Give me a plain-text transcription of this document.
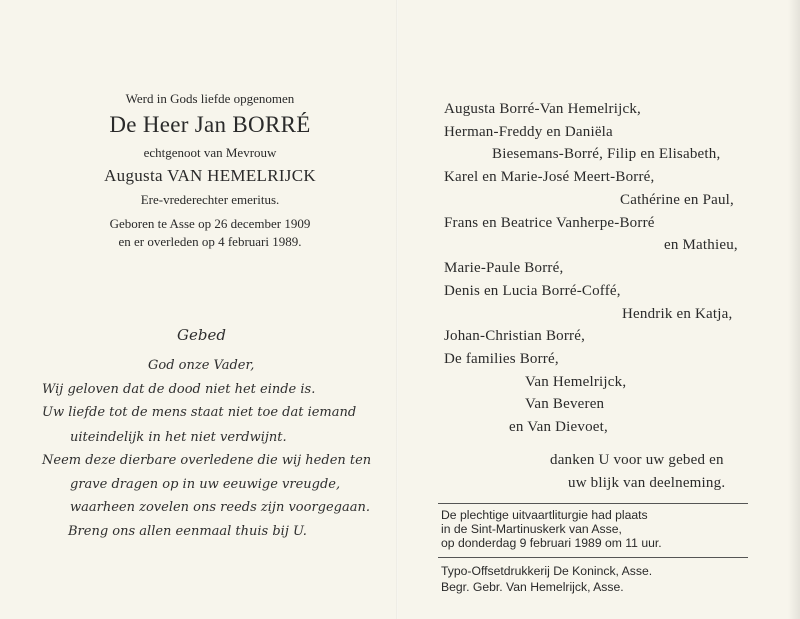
Werd in Gods liefde opgenomen
De Heer Jan BORRÉ
echtgenoot van Mevrouw
Augusta VAN HEMELRIJCK
Ere-vrederechter emeritus.
Geboren te Asse op 26 december 1909
en er overleden op 4 februari 1989.
Gebed
God onze Vader,
Wij geloven dat de dood niet het einde is.
Uw liefde tot de mens staat niet toe dat iemand
uiteindelijk in het niet verdwijnt.
Neem deze dierbare overledene die wij heden ten
grave dragen op in uw eeuwige vreugde,
waarheen zovelen ons reeds zijn voorgegaan.
Breng ons allen eenmaal thuis bij U.
Augusta Borré-Van Hemelrijck,
Herman-Freddy en Daniëla
Biesemans-Borré, Filip en Elisabeth,
Karel en Marie-José Meert-Borré,
Cathérine en Paul,
Frans en Beatrice Vanherpe-Borré
en Mathieu,
Marie-Paule Borré,
Denis en Lucia Borré-Coffé,
Hendrik en Katja,
Johan-Christian Borré,
De families Borré,
Van Hemelrijck,
Van Beveren
en Van Dievoet,
danken U voor uw gebed en
uw blijk van deelneming.
De plechtige uitvaartliturgie had plaats
in de Sint-Martinuskerk van Asse,
op donderdag 9 februari 1989 om 11 uur.
Typo-Offsetdrukkerij De Koninck, Asse.
Begr. Gebr. Van Hemelrijck, Asse.
